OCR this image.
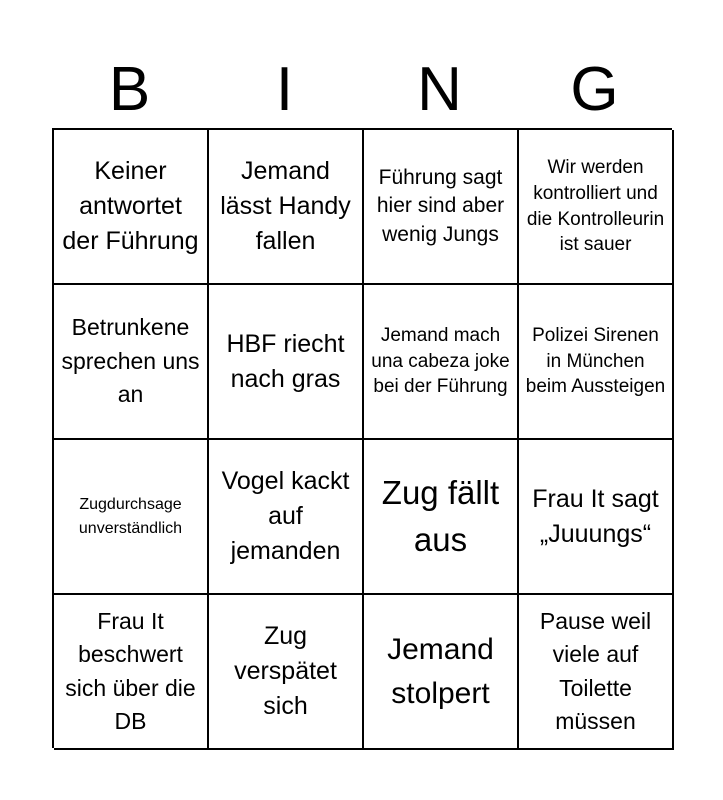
B	I	N	G
Keiner antwortet der Führung
Jemand lässt Handy fallen
Führung sagt hier sind aber wenig Jungs
Wir werden kontrolliert und die Kontrolleurin ist sauer
Betrunkene sprechen uns an
HBF riecht nach gras
Jemand mach una cabeza joke bei der Führung
Polizei Sirenen in München beim Aussteigen
Zugdurchsage unverständlich
Vogel kackt auf jemanden
Zug fällt aus
Frau It sagt „Juuungs“
Frau It beschwert sich über die DB
Zug verspätet sich
Jemand stolpert
Pause weil viele auf Toilette müssen
